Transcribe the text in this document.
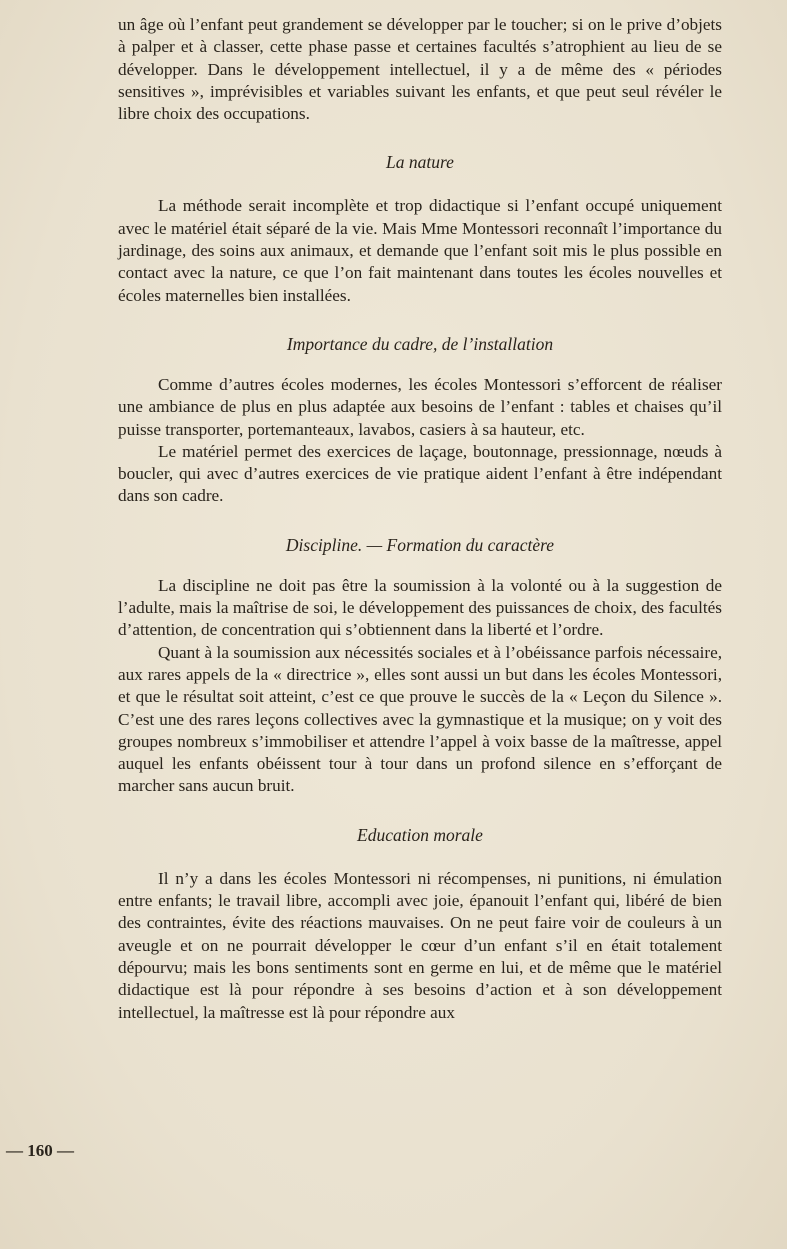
un âge où l’enfant peut grandement se développer par le toucher; si on le prive d’objets à palper et à classer, cette phase passe et certaines facultés s’atrophient au lieu de se développer. Dans le développement intellectuel, il y a de même des « périodes sensitives », imprévisibles et variables suivant les enfants, et que peut seul révéler le libre choix des occupations.

La nature

La méthode serait incomplète et trop didactique si l’enfant occupé uniquement avec le matériel était séparé de la vie. Mais Mme Montessori reconnaît l’importance du jardinage, des soins aux animaux, et demande que l’enfant soit mis le plus possible en contact avec la nature, ce que l’on fait maintenant dans toutes les écoles nouvelles et écoles maternelles bien installées.

Importance du cadre, de l’installation

Comme d’autres écoles modernes, les écoles Montessori s’efforcent de réaliser une ambiance de plus en plus adaptée aux besoins de l’enfant : tables et chaises qu’il puisse transporter, portemanteaux, lavabos, casiers à sa hauteur, etc.

Le matériel permet des exercices de laçage, boutonnage, pressionnage, nœuds à boucler, qui avec d’autres exercices de vie pratique aident l’enfant à être indépendant dans son cadre.

Discipline. — Formation du caractère

La discipline ne doit pas être la soumission à la volonté ou à la suggestion de l’adulte, mais la maîtrise de soi, le développement des puissances de choix, des facultés d’attention, de concentration qui s’obtiennent dans la liberté et l’ordre.

Quant à la soumission aux nécessités sociales et à l’obéissance parfois nécessaire, aux rares appels de la « directrice », elles sont aussi un but dans les écoles Montessori, et que le résultat soit atteint, c’est ce que prouve le succès de la « Leçon du Silence ». C’est une des rares leçons collectives avec la gymnastique et la musique; on y voit des groupes nombreux s’immobiliser et attendre l’appel à voix basse de la maîtresse, appel auquel les enfants obéissent tour à tour dans un profond silence en s’efforçant de marcher sans aucun bruit.

Education morale

Il n’y a dans les écoles Montessori ni récompenses, ni punitions, ni émulation entre enfants; le travail libre, accompli avec joie, épanouit l’enfant qui, libéré de bien des contraintes, évite des réactions mauvaises. On ne peut faire voir de couleurs à un aveugle et on ne pourrait développer le cœur d’un enfant s’il en était totalement dépourvu; mais les bons sentiments sont en germe en lui, et de même que le matériel didactique est là pour répondre à ses besoins d’action et à son développement intellectuel, la maîtresse est là pour répondre aux

— 160 —
